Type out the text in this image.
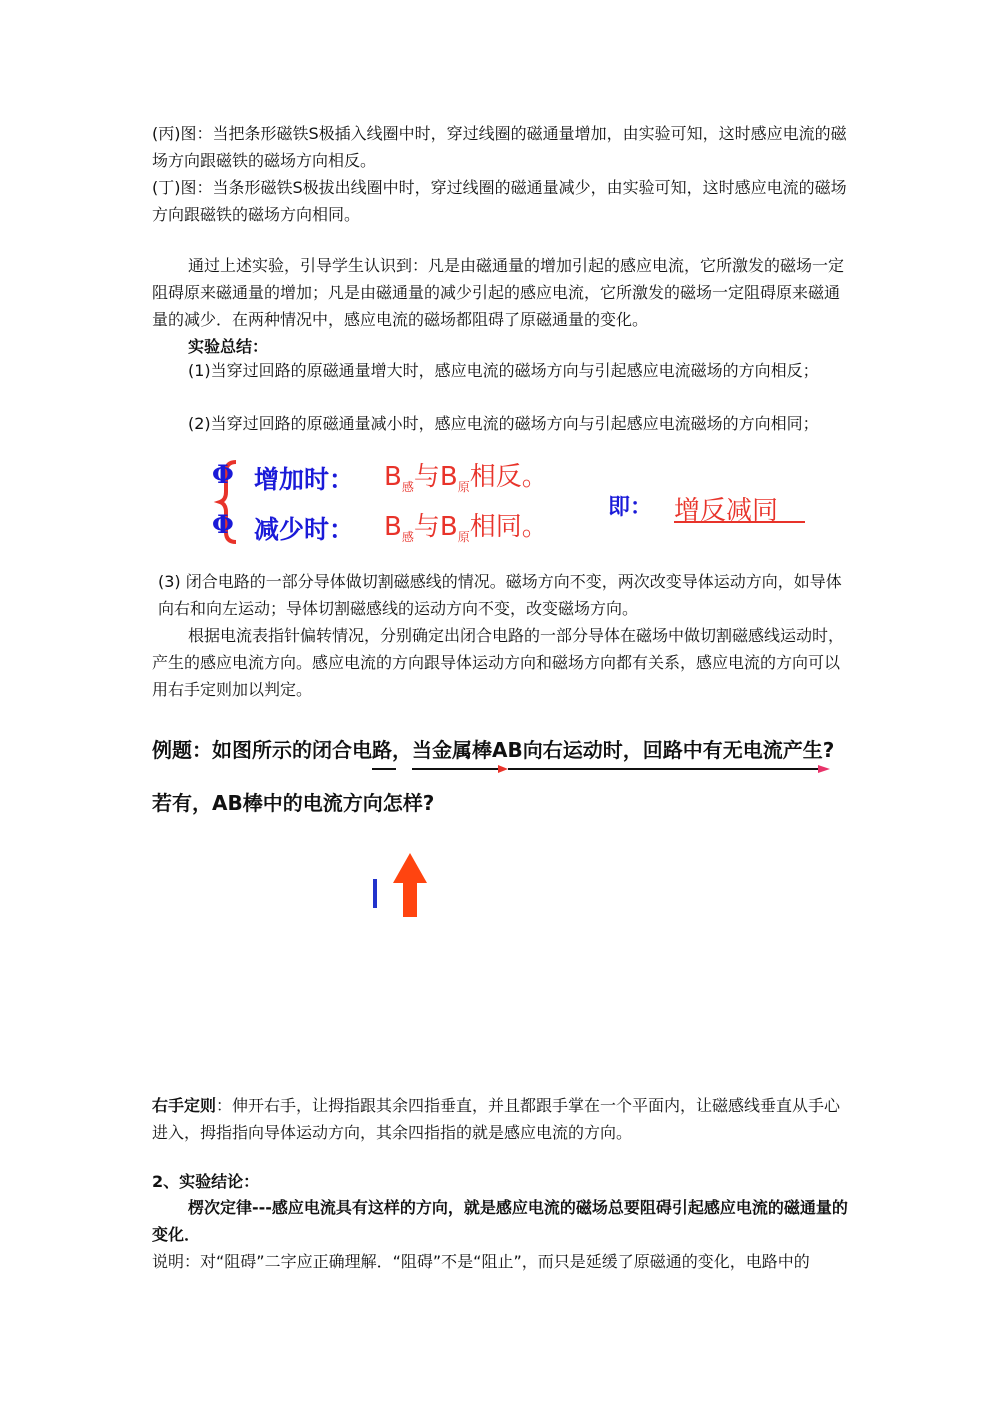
(丙)图：当把条形磁铁S极插入线圈中时，穿过线圈的磁通量增加，由实验可知，这时感应电流的磁场方向跟磁铁的磁场方向相反。

(丁)图：当条形磁铁S极拔出线圈中时，穿过线圈的磁通量减少，由实验可知，这时感应电流的磁场方向跟磁铁的磁场方向相同。

通过上述实验，引导学生认识到：凡是由磁通量的增加引起的感应电流，它所激发的磁场一定阻碍原来磁通量的增加；凡是由磁通量的减少引起的感应电流，它所激发的磁场一定阻碍原来磁通量的减少．在两种情况中，感应电流的磁场都阻碍了原磁通量的变化。

实验总结：

(1)当穿过回路的原磁通量增大时，感应电流的磁场方向与引起感应电流磁场的方向相反；

(2)当穿过回路的原磁通量减小时，感应电流的磁场方向与引起感应电流磁场的方向相同；

Φ 增加时： $B_感$与$B_原$相反。
Φ 减少时： $B_感$与$B_原$相同。
即： 增反减同

(3) 闭合电路的一部分导体做切割磁感线的情况。磁场方向不变，两次改变导体运动方向，如导体向右和向左运动；导体切割磁感线的运动方向不变，改变磁场方向。

根据电流表指针偏转情况，分别确定出闭合电路的一部分导体在磁场中做切割磁感线运动时，产生的感应电流方向。感应电流的方向跟导体运动方向和磁场方向都有关系，感应电流的方向可以用右手定则加以判定。

例题：如图所示的闭合电路，当金属棒AB向右运动时，回路中有无电流产生?

若有，AB棒中的电流方向怎样?

右手定则：伸开右手，让拇指跟其余四指垂直，并且都跟手掌在一个平面内，让磁感线垂直从手心进入，拇指指向导体运动方向，其余四指指的就是感应电流的方向。

2、实验结论：

楞次定律---感应电流具有这样的方向，就是感应电流的磁场总要阻碍引起感应电流的磁通量的变化．

说明：对“阻碍”二字应正确理解．“阻碍”不是“阻止”，而只是延缓了原磁通的变化，电路中的
